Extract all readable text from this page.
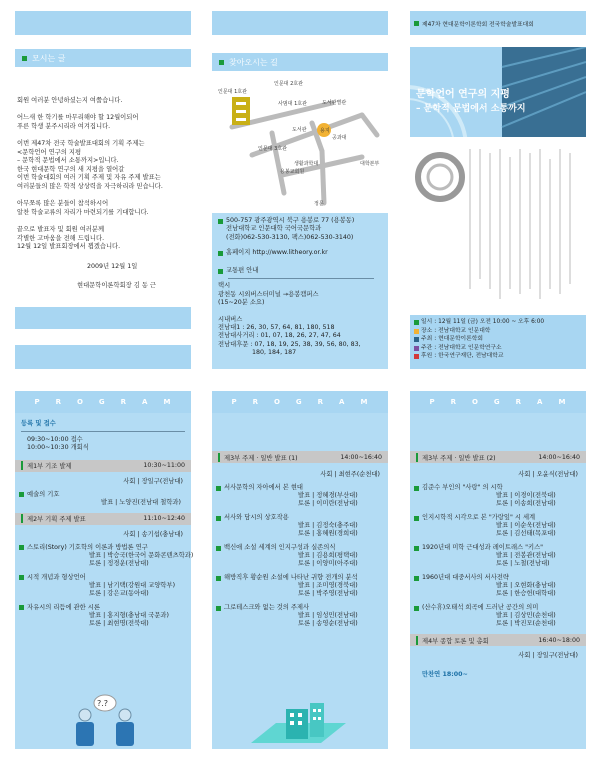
모시는 글
회원 여러분 안녕하셨는지 여쭙습니다.

어느새 한 학기를 마무리해야 할 12월이되어
푸른 학생 분주시리라 여겨집니다.

이번 제47차 전국 학술발표대회의 기획 주제는
<문학언어 연구의 지평
– 문학적 문법에서 소통까지>입니다.
한국 현대문학 연구의 새 지평을 열어갈
이번 학술대회의 여러 기획 주제 및 자유 주제 발표는
여러분들의 많은 학적 상상력을 자극하리라 믿습니다.

아무쪼록 많은 분들이 참석하시어
알찬 학술교류의 자리가 마련되기를 기대합니다.

끝으로 발표자 및 회원 여러분께
각별한 고마움을 전해 드립니다.
12월 12일 발표회장에서 뵙겠습니다.
2009년 12월 1일
현대문학이론학회장 김 동 근
찾아오시는 길
인문대 1호관
인문대 2호관
사범대 1호관	도서관별관
도서관	용지
인문대 3호관
공과대
생활과학대
용봉교회원
대학본부
정문
500-757 광주광역시 북구 용봉로 77 (용봉동)
전남대학교 인문대학 국어국문학과
(전화)062-530-3130, 팩스)062-530-3140)
홈페이지 http://www.litheory.or.kr
교통편 안내
택시
광천동 시외버스터미널 →용봉캠퍼스
(15~20분 소요)

시내버스
전남대1 : 26, 30, 57, 64, 81, 180, 518
전남대사거리 : 01, 07, 18, 26, 27, 47, 64
전남대후문 : 07, 18, 19, 25, 38, 39, 56, 80, 83,
180, 184, 187
제47차 현대문학이론학회 전국학술발표대회
문학언어 연구의 지평
– 문학적 문법에서 소통까지
일시 : 12월 11일 (금) 오전 10:00 ~ 오후 6:00
장소 : 전남대학교 인문대학
주최 : 현대문학이론학회
주관 : 전남대학교 인문학연구소
후원 : 한국연구재단, 전남대학교
P R O G R A M
등록 및 접수
09:30~10:00 접수
10:00~10:30 개회식
제1부 기조 발제	10:30~11:00
사회 | 장일구(전남대)
예술의 기호
발표 | 노양진(전남대 철학과)
제2부 기획 주제 발표	11:10~12:40
사회 | 송기섭(충남대)
스토리(Story) 기호학의 이론과 방법론 연구
발표 | 박승국(한국어 문화콘텐츠학과)
토론 | 정경운(전남대)
시적 개념과 형상언어
발표 | 남기택(강원대 교양학부)
토론 | 강은교(동아대)
자유시의 리듬에 관한 시론
발표 | 홍지형(충남대 국문과)
토론 | 최현명(전북대)
?.?
P R O G R A M
제3부 주제 · 일반 발표 (1)	14:00~16:40
사회 | 최현주(순천대)
서사문학의 자아에서 본 현대
발표 | 정혜경(부산대)
토론 | 이미란(전남대)
서사와 담시의 상호작용
발표 | 김정숙(충주대)
토론 | 홍혜원(경희대)
백신애 소설 세계의 인지구성과 실존의식
발표 | 김용희(평택대)
토론 | 이양미(아주대)
해방직후 황순원 소설에 나타난 귀향 전개의 분석
발표 | 조미영(경북대)
토론 | 박주영(전남대)
그로테스크와 없는 것의 주제사
발표 | 임성민(전남대)
토론 | 송영순(전남대)
P R O G R A M
제3부 주제 · 일반 발표 (2)	14:00~16:40
사회 | 오윤식(전남대)
김준수 부인의 "사랑" 의 시학
발표 | 이경이(전북대)
토론 | 이송희(전남대)
인지시학적 시각으로 본 "가랑잎" 시 세계
발표 | 이순욱(전남대)
토론 | 김선태(목포대)
1920년대 미학 근대성과 레이트래스 "키스"
발표 | 전봉관(전남대)
토론 | 노철(전남대)
1960년대 대중서사의 서사전략
발표 | 오현화(충남대)
토론 | 한승헌(대학대)
(산수휴)오태석 희곡에 드러난 공간의 의미
발표 | 김상민(순천대)
토론 | 박진모(순천대)
제4부 종합 토론 및 총회	16:40~18:00
사회 | 장일구(전남대)
만찬연 18:00~
